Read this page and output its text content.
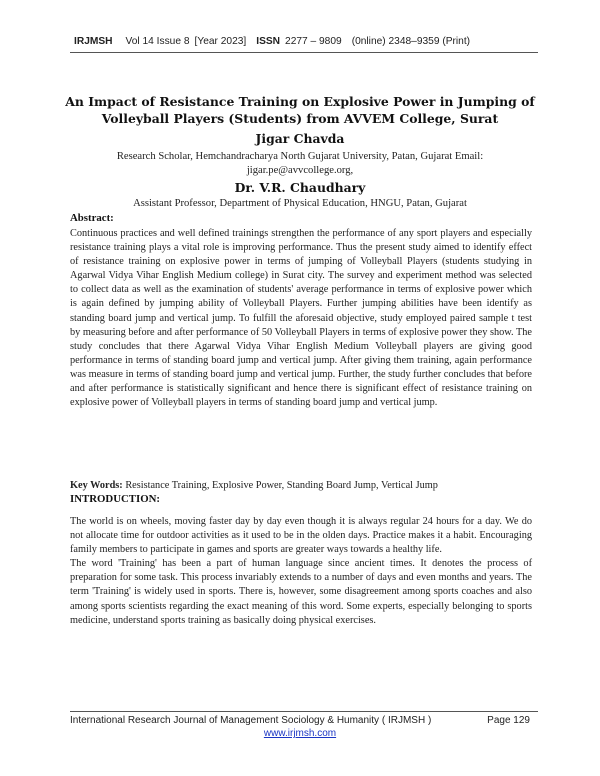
IRJMSH Vol 14 Issue 8 [Year 2023] ISSN 2277 – 9809 (0nline) 2348–9359 (Print)
An Impact of Resistance Training on Explosive Power in Jumping of Volleyball Players (Students) from AVVEM College, Surat
Jigar Chavda
Research Scholar, Hemchandracharya North Gujarat University, Patan, Gujarat Email: jigar.pe@avvcollege.org,
Dr. V.R. Chaudhary
Assistant Professor, Department of Physical Education, HNGU, Patan, Gujarat
Abstract:

Continuous practices and well defined trainings strengthen the performance of any sport players and especially resistance training plays a vital role is improving performance. Thus the present study aimed to identify effect of resistance training on explosive power in terms of jumping of Volleyball Players (students studying in Agarwal Vidya Vihar English Medium college) in Surat city. The survey and experiment method was selected to collect data as well as the examination of students' average performance in terms of explosive power which is again defined by jumping ability of Volleyball Players. Further jumping abilities have been identify as standing board jump and vertical jump. To fulfill the aforesaid objective, study employed paired sample t test by measuring before and after performance of 50 Volleyball Players in terms of explosive power they show. The study concludes that there Agarwal Vidya Vihar English Medium Volleyball players are giving good performance in terms of standing board jump and vertical jump. After giving them training, again performance was measure in terms of standing board jump and vertical jump. Further, the study further concludes that before and after performance is statistically significant and hence there is significant effect of resistance training on explosive power of Volleyball players in terms of standing board jump and vertical jump.

Key Words: Resistance Training, Explosive Power, Standing Board Jump, Vertical Jump
INTRODUCTION:

The world is on wheels, moving faster day by day even though it is always regular 24 hours for a day. We do not allocate time for outdoor activities as it used to be in the olden days. Practice makes it a habit. Encouraging family members to participate in games and sports are greater ways towards a healthy life.

The word 'Training' has been a part of human language since ancient times. It denotes the process of preparation for some task. This process invariably extends to a number of days and even months and years. The term 'Training' is widely used in sports. There is, however, some disagreement among sports coaches and also among sports scientists regarding the exact meaning of this word. Some experts, especially belonging to sports medicine, understand sports training as basically doing physical exercises.

International Research Journal of Management Sociology & Humanity ( IRJMSH )	Page 129
www.irjmsh.com
